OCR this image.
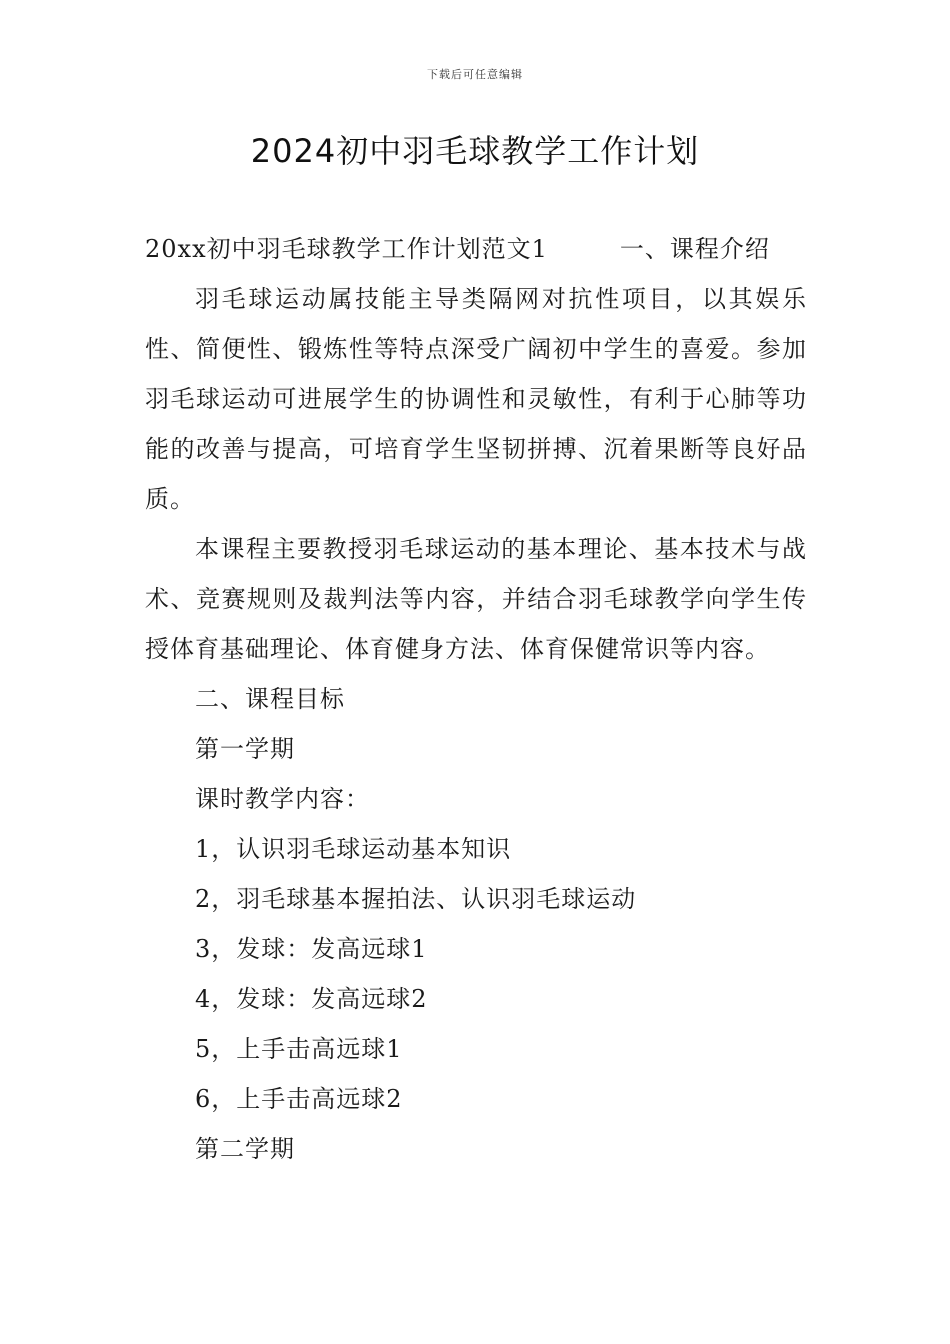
下载后可任意编辑
2024初中羽毛球教学工作计划

20xx初中羽毛球教学工作计划范文1	一、课程介绍

羽毛球运动属技能主导类隔网对抗性项目，以其娱乐性、简便性、锻炼性等特点深受广阔初中学生的喜爱。参加羽毛球运动可进展学生的协调性和灵敏性，有利于心肺等功能的改善与提高，可培育学生坚韧拼搏、沉着果断等良好品质。

本课程主要教授羽毛球运动的基本理论、基本技术与战术、竞赛规则及裁判法等内容，并结合羽毛球教学向学生传授体育基础理论、体育健身方法、体育保健常识等内容。

二、课程目标

第一学期

课时教学内容：

1，认识羽毛球运动基本知识

2，羽毛球基本握拍法、认识羽毛球运动

3，发球：发高远球1

4，发球：发高远球2

5，上手击高远球1

6，上手击高远球2

第二学期
